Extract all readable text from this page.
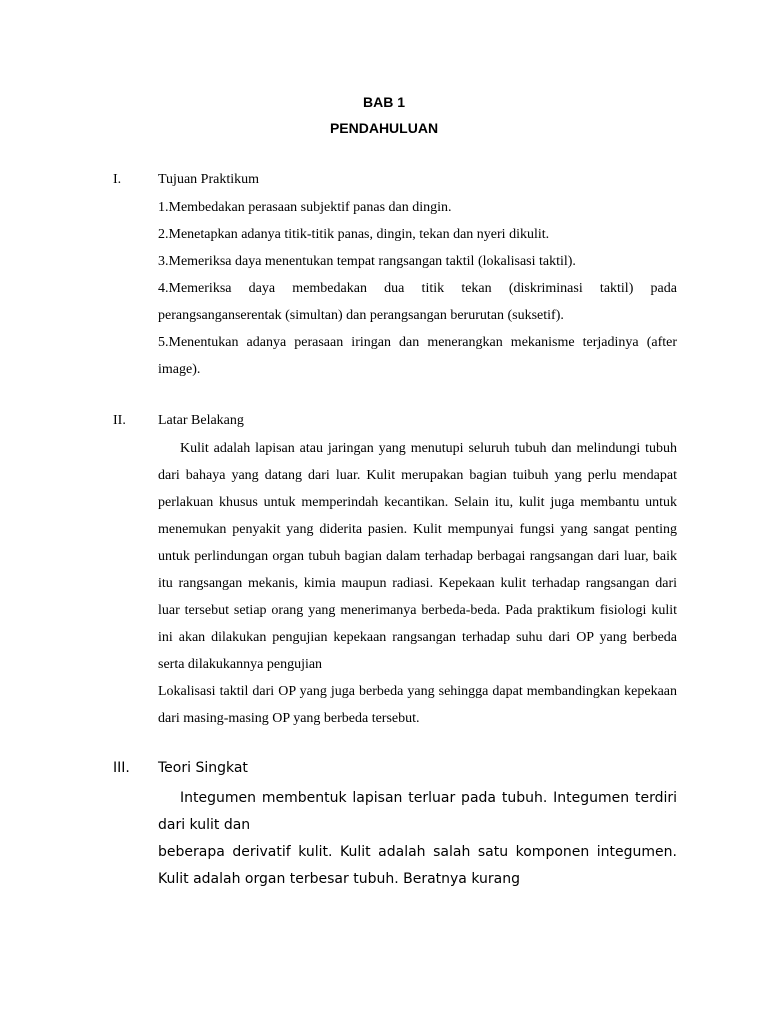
BAB 1
PENDAHULUAN
I.	Tujuan Praktikum

1.Membedakan perasaan subjektif panas dan dingin.

2.Menetapkan adanya titik-titik panas, dingin, tekan dan nyeri dikulit.

3.Memeriksa daya menentukan tempat rangsangan taktil (lokalisasi taktil).

4.Memeriksa daya membedakan dua titik tekan (diskriminasi taktil) pada perangsanganserentak (simultan) dan perangsangan berurutan (suksetif).

5.Menentukan adanya perasaan iringan dan menerangkan mekanisme terjadinya (after image).

II. Latar Belakang

Kulit adalah lapisan atau jaringan yang menutupi seluruh tubuh dan melindungi tubuh dari bahaya yang datang dari luar. Kulit merupakan bagian tuibuh yang perlu mendapat perlakuan khusus untuk memperindah kecantikan. Selain itu, kulit juga membantu untuk menemukan penyakit yang diderita pasien. Kulit mempunyai fungsi yang sangat penting untuk perlindungan organ tubuh bagian dalam terhadap berbagai rangsangan dari luar, baik itu rangsangan mekanis, kimia maupun radiasi. Kepekaan kulit terhadap rangsangan dari luar tersebut setiap orang yang menerimanya berbeda-beda. Pada praktikum fisiologi kulit ini akan dilakukan pengujian kepekaan rangsangan terhadap suhu dari OP yang berbeda serta dilakukannya pengujian

Lokalisasi taktil dari OP yang juga berbeda yang sehingga dapat membandingkan kepekaan dari masing-masing OP yang berbeda tersebut.

III. Teori Singkat

Integumen membentuk lapisan terluar pada tubuh. Integumen terdiri dari kulit dan

beberapa derivatif kulit. Kulit adalah salah satu komponen integumen. Kulit adalah organ terbesar tubuh. Beratnya kurang
